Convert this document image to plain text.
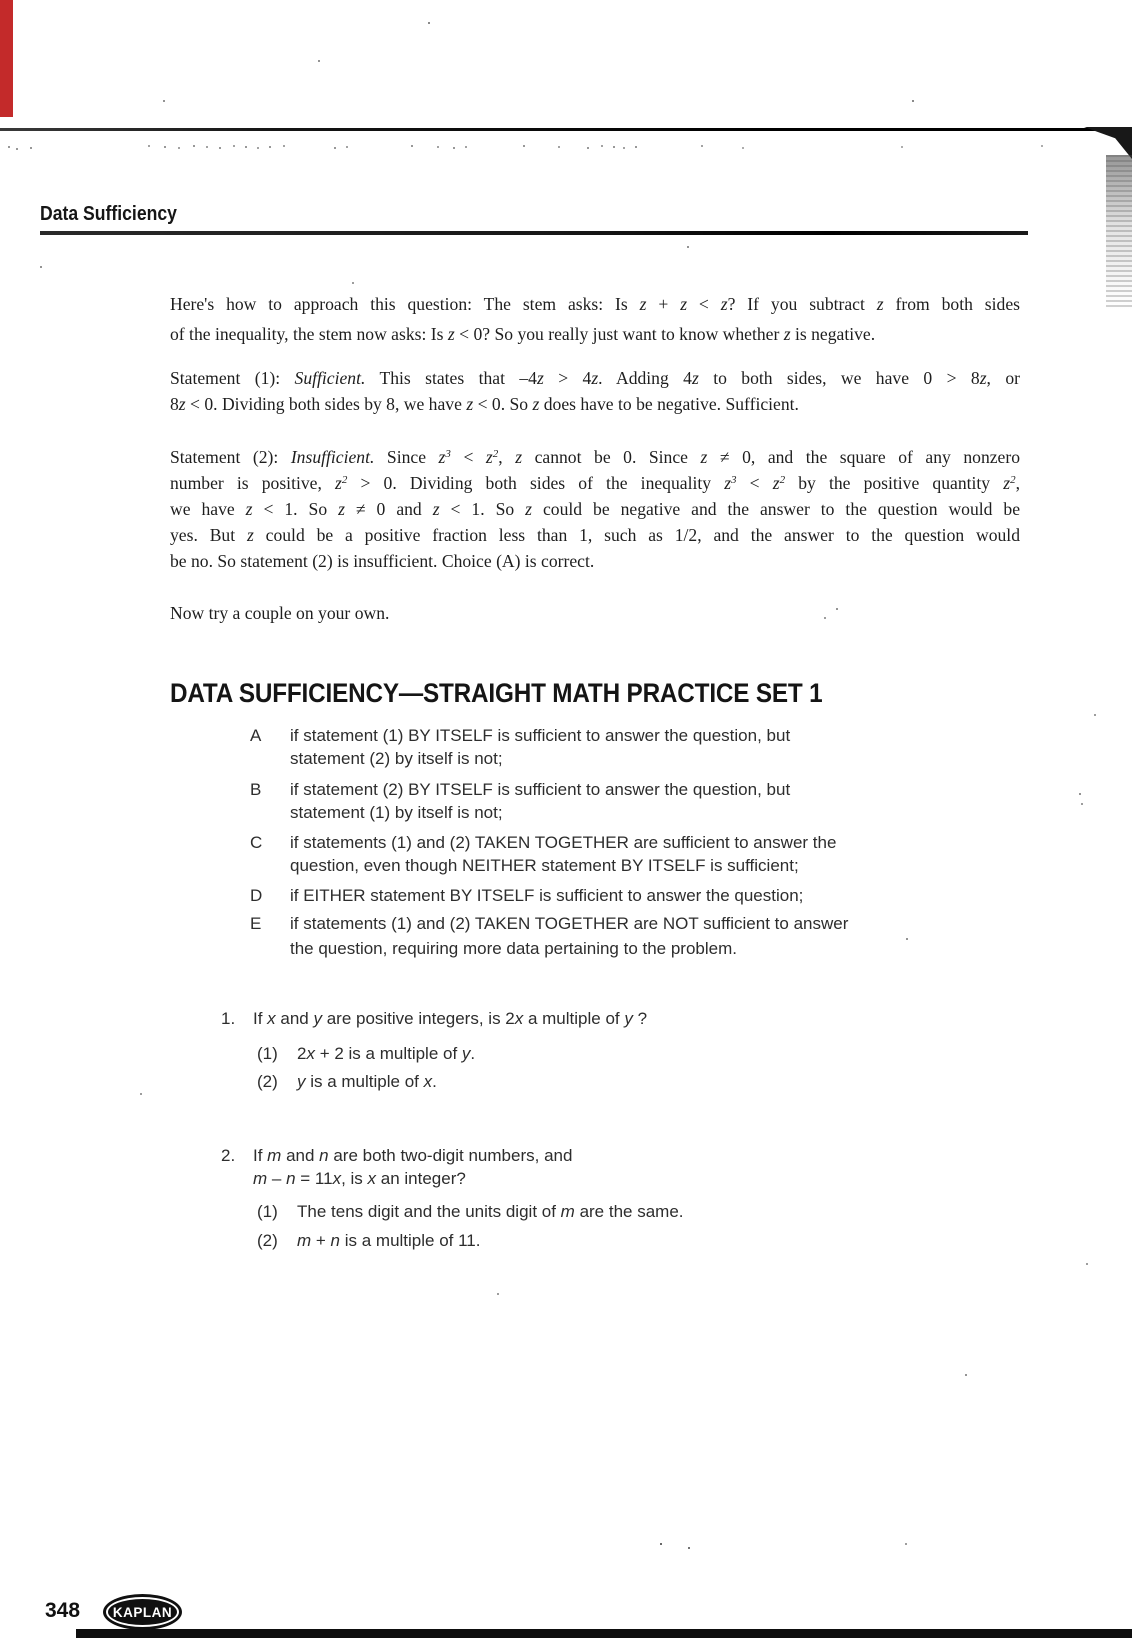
Data Sufficiency
Here's how to approach this question: The stem asks: Is z + z < z? If you subtract z from both sides
of the inequality, the stem now asks: Is z < 0? So you really just want to know whether z is negative.
Statement (1): Sufficient. This states that –4z > 4z. Adding 4z to both sides, we have 0 > 8z, or
8z < 0. Dividing both sides by 8, we have z < 0. So z does have to be negative. Sufficient.
Statement (2): Insufficient. Since $z^3 < z^2$, z cannot be 0. Since z ≠ 0, and the square of any nonzero
number is positive, $z^2 > 0$. Dividing both sides of the inequality $z^3 < z^2$ by the positive quantity $z^2$,
we have z < 1. So z ≠ 0 and z < 1. So z could be negative and the answer to the question would be
yes. But z could be a positive fraction less than 1, such as 1/2, and the answer to the question would
be no. So statement (2) is insufficient. Choice (A) is correct.
Now try a couple on your own.
DATA SUFFICIENCY—STRAIGHT MATH PRACTICE SET 1
A if statement (1) BY ITSELF is sufficient to answer the question, but
statement (2) by itself is not;
B if statement (2) BY ITSELF is sufficient to answer the question, but
statement (1) by itself is not;
C if statements (1) and (2) TAKEN TOGETHER are sufficient to answer the
question, even though NEITHER statement BY ITSELF is sufficient;
D if EITHER statement BY ITSELF is sufficient to answer the question;
E if statements (1) and (2) TAKEN TOGETHER are NOT sufficient to answer
the question, requiring more data pertaining to the problem.
1. If x and y are positive integers, is 2x a multiple of y ?
(1) 2x + 2 is a multiple of y.
(2) y is a multiple of x.
2. If m and n are both two-digit numbers, and
m – n = 11x, is x an integer?
(1) The tens digit and the units digit of m are the same.
(2) m + n is a multiple of 11.
348 KAPLAN
